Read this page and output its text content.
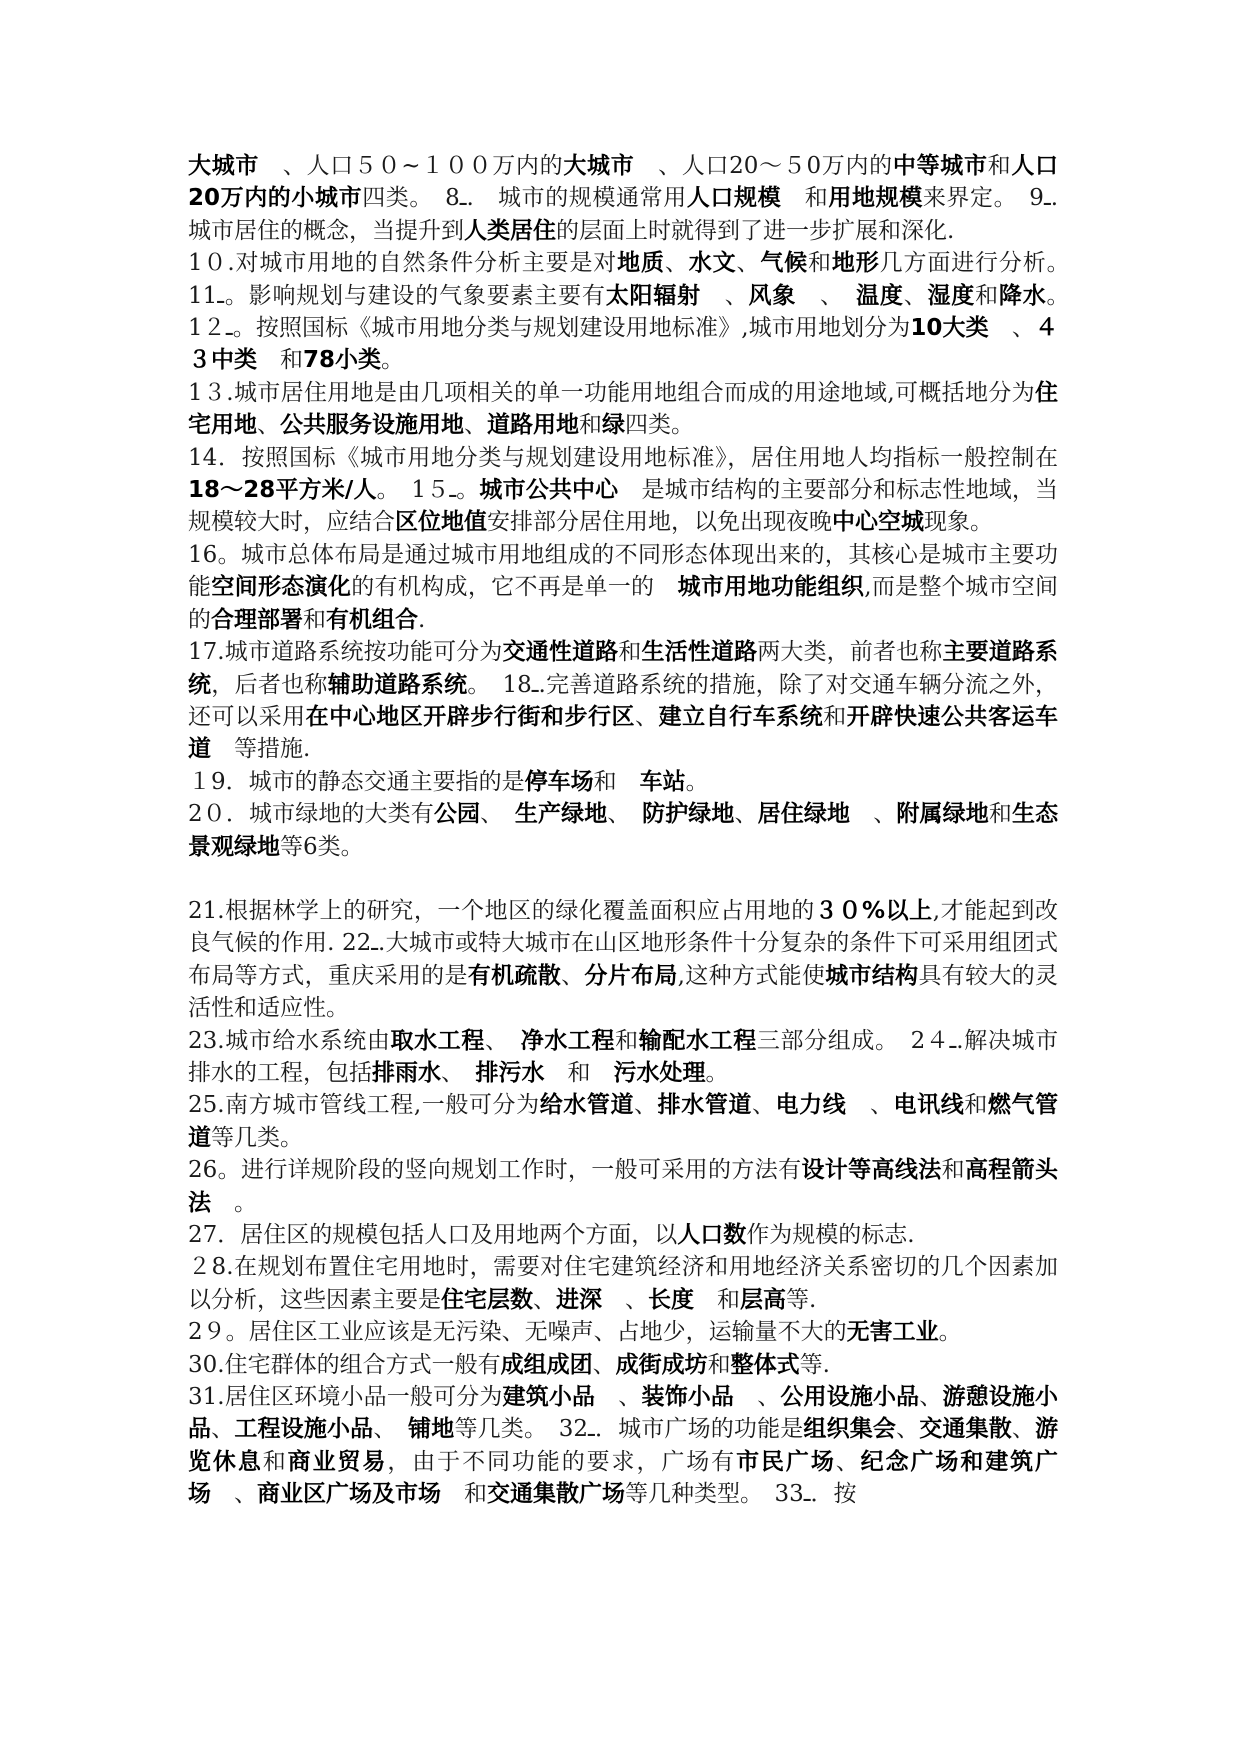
大城市　、人口５０~１００万内的大城市　、人口20～５0万内的中等城市和人口20万内的小城市四类。　8ـ.　城市的规模通常用人口规模　和用地规模来界定。　9ـ.城市居住的概念，当提升到人类居住的层面上时就得到了进一步扩展和深化.

1０.对城市用地的自然条件分析主要是对地质、水文、气候和地形几方面进行分析。　11ـ。影响规划与建设的气象要素主要有太阳辐射　、风象　、　温度、湿度和降水。　1２ـ。按照国标《城市用地分类与规划建设用地标准》,城市用地划分为10大类　、４３中类　和78小类。

1３.城市居住用地是由几项相关的单一功能用地组合而成的用途地域,可概括地分为住宅用地、公共服务设施用地、道路用地和绿四类。

14．按照国标《城市用地分类与规划建设用地标准》，居住用地人均指标一般控制在18～28平方米/人。　1５ـ。城市公共中心　是城市结构的主要部分和标志性地域，当规模较大时，应结合区位地值安排部分居住用地，以免出现夜晚中心空城现象。

16。城市总体布局是通过城市用地组成的不同形态体现出来的，其核心是城市主要功能空间形态演化的有机构成，它不再是单一的　城市用地功能组织,而是整个城市空间的合理部署和有机组合.

17.城市道路系统按功能可分为交通性道路和生活性道路两大类，前者也称主要道路系统，后者也称辅助道路系统。　18ـ.完善道路系统的措施，除了对交通车辆分流之外，还可以采用在中心地区开辟步行街和步行区、建立自行车系统和开辟快速公共客运车道　等措施.

１9．城市的静态交通主要指的是停车场和　车站。

2０．城市绿地的大类有公园、　生产绿地、　防护绿地、居住绿地　、附属绿地和生态景观绿地等6类。

21.根据林学上的研究，一个地区的绿化覆盖面积应占用地的３０%以上,才能起到改良气候的作用. 22ـ.大城市或特大城市在山区地形条件十分复杂的条件下可采用组团式布局等方式，重庆采用的是有机疏散、分片布局,这种方式能使城市结构具有较大的灵活性和适应性。

23.城市给水系统由取水工程、　净水工程和输配水工程三部分组成。　2４ـ.解决城市排水的工程，包括排雨水、　排污水　和　污水处理。

25.南方城市管线工程,一般可分为给水管道、排水管道、电力线　、电讯线和燃气管道等几类。

26。进行详规阶段的竖向规划工作时，一般可采用的方法有设计等高线法和高程箭头法　。

27．居住区的规模包括人口及用地两个方面，以人口数作为规模的标志.

２8.在规划布置住宅用地时，需要对住宅建筑经济和用地经济关系密切的几个因素加以分析，这些因素主要是住宅层数、进深　、长度　和层高等.

2９。居住区工业应该是无污染、无噪声、占地少，运输量不大的无害工业。

30.住宅群体的组合方式一般有成组成团、成街成坊和整体式等.

31.居住区环境小品一般可分为建筑小品　、装饰小品　、公用设施小品、游憩设施小品、工程设施小品、　铺地等几类。　32ـ．城市广场的功能是组织集会、交通集散、游览休息和商业贸易，由于不同功能的要求，广场有市民广场、纪念广场和建筑广场　、商业区广场及市场　和交通集散广场等几种类型。　33ـ．按
